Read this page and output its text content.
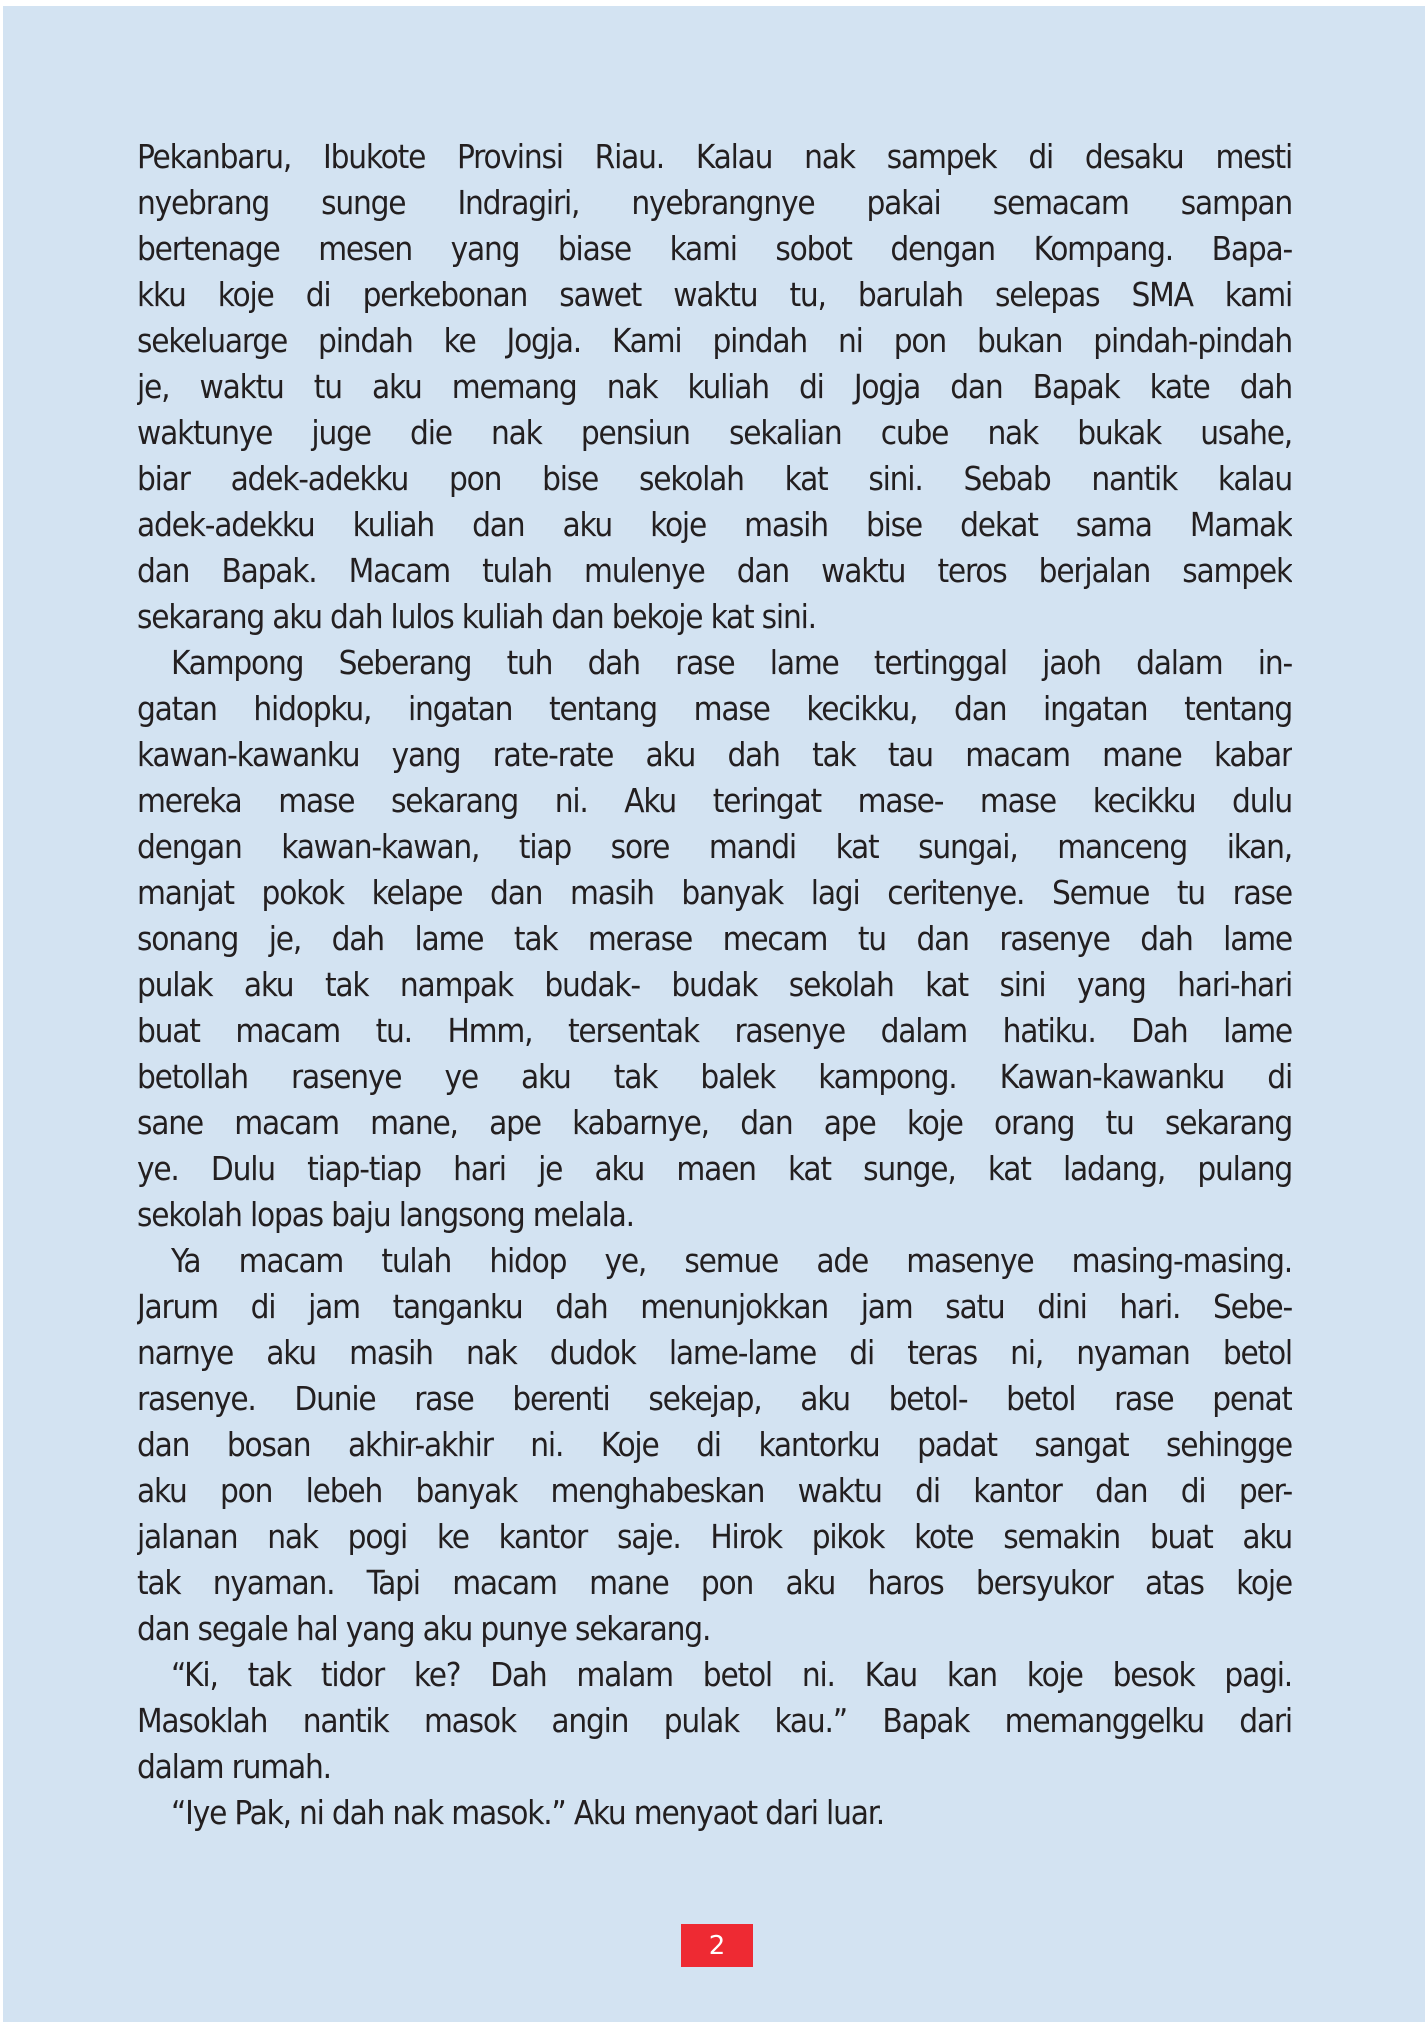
Pekanbaru, Ibukote Provinsi Riau. Kalau nak sampek di desaku mesti
nyebrang sunge Indragiri, nyebrangnye pakai semacam sampan
bertenage mesen yang biase kami sobot dengan Kompang. Bapa-
kku koje di perkebonan sawet waktu tu, barulah selepas SMA kami
sekeluarge pindah ke Jogja. Kami pindah ni pon bukan pindah-pindah
je, waktu tu aku memang nak kuliah di Jogja dan Bapak kate dah
waktunye juge die nak pensiun sekalian cube nak bukak usahe,
biar adek-adekku pon bise sekolah kat sini. Sebab nantik kalau
adek-adekku kuliah dan aku koje masih bise dekat sama Mamak
dan Bapak. Macam tulah mulenye dan waktu teros berjalan sampek
sekarang aku dah lulos kuliah dan bekoje kat sini.
Kampong Seberang tuh dah rase lame tertinggal jaoh dalam in-
gatan hidopku, ingatan tentang mase kecikku, dan ingatan tentang
kawan-kawanku yang rate-rate aku dah tak tau macam mane kabar
mereka mase sekarang ni. Aku teringat mase- mase kecikku dulu
dengan kawan-kawan, tiap sore mandi kat sungai, manceng ikan,
manjat pokok kelape dan masih banyak lagi ceritenye. Semue tu rase
sonang je, dah lame tak merase mecam tu dan rasenye dah lame
pulak aku tak nampak budak- budak sekolah kat sini yang hari-hari
buat macam tu. Hmm, tersentak rasenye dalam hatiku. Dah lame
betollah rasenye ye aku tak balek kampong. Kawan-kawanku di
sane macam mane, ape kabarnye, dan ape koje orang tu sekarang
ye. Dulu tiap-tiap hari je aku maen kat sunge, kat ladang, pulang
sekolah lopas baju langsong melala.
Ya macam tulah hidop ye, semue ade masenye masing-masing.
Jarum di jam tanganku dah menunjokkan jam satu dini hari. Sebe-
narnye aku masih nak dudok lame-lame di teras ni, nyaman betol
rasenye. Dunie rase berenti sekejap, aku betol- betol rase penat
dan bosan akhir-akhir ni. Koje di kantorku padat sangat sehingge
aku pon lebeh banyak menghabeskan waktu di kantor dan di per-
jalanan nak pogi ke kantor saje. Hirok pikok kote semakin buat aku
tak nyaman. Tapi macam mane pon aku haros bersyukor atas koje
dan segale hal yang aku punye sekarang.
“Ki, tak tidor ke? Dah malam betol ni. Kau kan koje besok pagi.
Masoklah nantik masok angin pulak kau.” Bapak memanggelku dari
dalam rumah.
“Iye Pak, ni dah nak masok.” Aku menyaot dari luar.
2
